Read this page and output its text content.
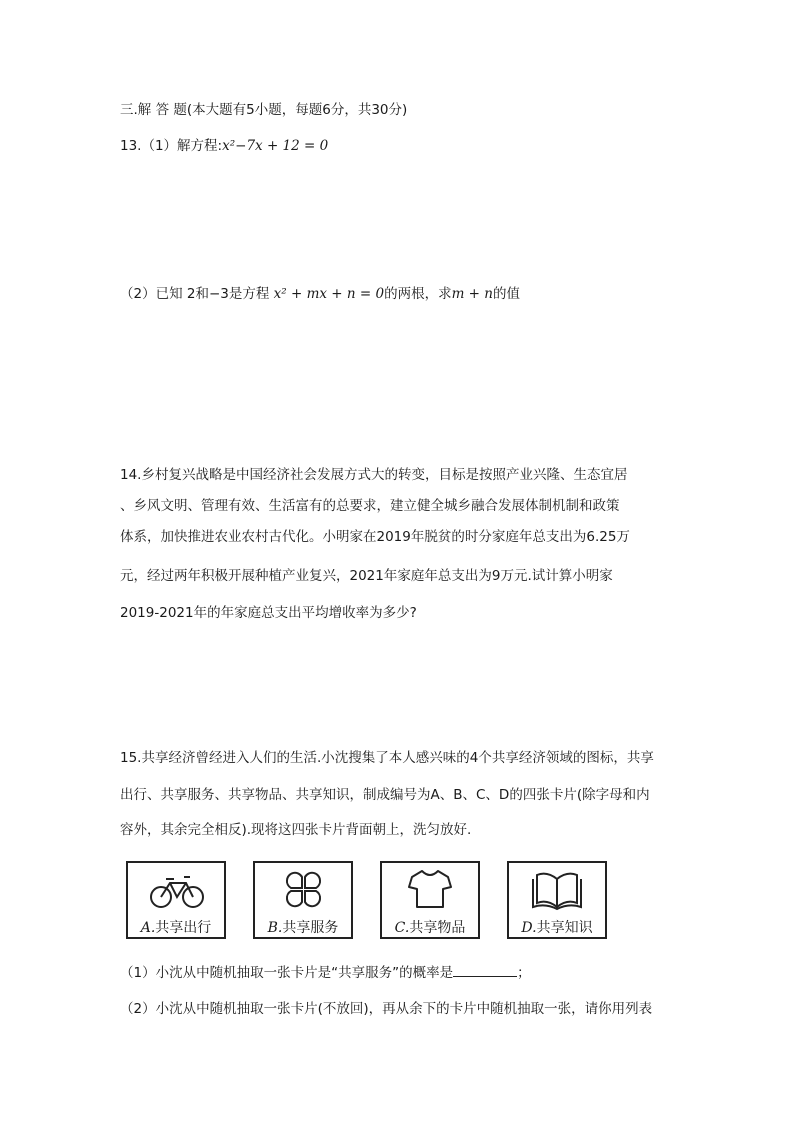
三.解 答 题(本大题有5小题，每题6分，共30分)
13.（1）解方程:x²−7x + 12 = 0
（2）已知 2和−3是方程 x² + mx + n = 0的两根，求m + n的值
14.乡村复兴战略是中国经济社会发展方式大的转变，目标是按照产业兴隆、生态宜居
、乡风文明、管理有效、生活富有的总要求，建立健全城乡融合发展体制机制和政策
体系，加快推进农业农村古代化。小明家在2019年脱贫的时分家庭年总支出为6.25万
元，经过两年积极开展种植产业复兴，2021年家庭年总支出为9万元.试计算小明家
2019-2021年的年家庭总支出平均增收率为多少?
15.共享经济曾经进入人们的生活.小沈搜集了本人感兴味的4个共享经济领域的图标，共享
出行、共享服务、共享物品、共享知识，制成编号为A、B、C、D的四张卡片(除字母和内
容外，其余完全相反).现将这四张卡片背面朝上，洗匀放好.
A.共享出行	B.共享服务	C.共享物品	D.共享知识
（1）小沈从中随机抽取一张卡片是“共享服务”的概率是	；
（2）小沈从中随机抽取一张卡片(不放回)，再从余下的卡片中随机抽取一张，请你用列表
